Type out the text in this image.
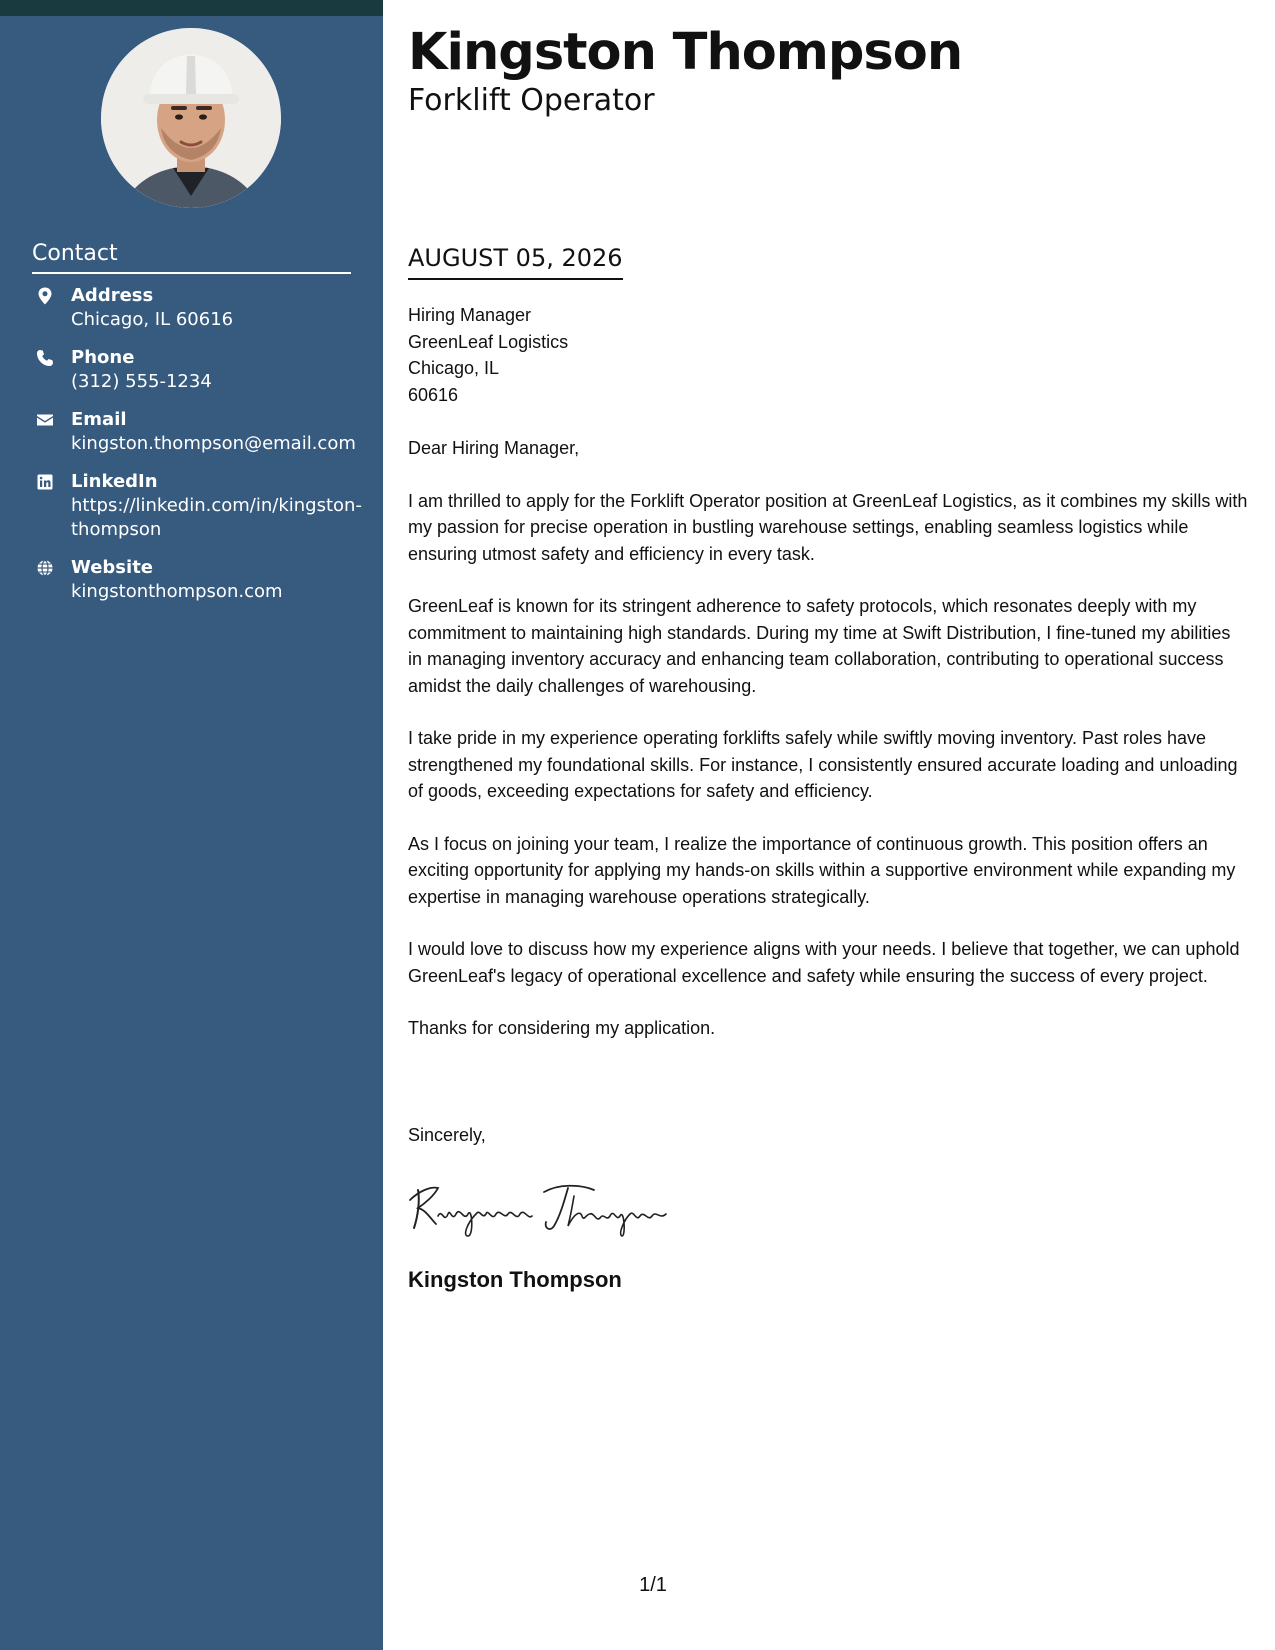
Contact
Address
Chicago, IL 60616
Phone
(312) 555-1234
Email
kingston.thompson@email.com
LinkedIn
https://linkedin.com/in/kingston-thompson
Website
kingstonthompson.com
Kingston Thompson
Forklift Operator
AUGUST 05, 2026
Hiring Manager
GreenLeaf Logistics
Chicago, IL
60616

Dear Hiring Manager,

I am thrilled to apply for the Forklift Operator position at GreenLeaf Logistics, as it combines my skills with my passion for precise operation in bustling warehouse settings, enabling seamless logistics while ensuring utmost safety and efficiency in every task.

GreenLeaf is known for its stringent adherence to safety protocols, which resonates deeply with my commitment to maintaining high standards. During my time at Swift Distribution, I fine-tuned my abilities in managing inventory accuracy and enhancing team collaboration, contributing to operational success amidst the daily challenges of warehousing.

I take pride in my experience operating forklifts safely while swiftly moving inventory. Past roles have strengthened my foundational skills. For instance, I consistently ensured accurate loading and unloading of goods, exceeding expectations for safety and efficiency.

As I focus on joining your team, I realize the importance of continuous growth. This position offers an exciting opportunity for applying my hands-on skills within a supportive environment while expanding my expertise in managing warehouse operations strategically.

I would love to discuss how my experience aligns with your needs. I believe that together, we can uphold GreenLeaf's legacy of operational excellence and safety while ensuring the success of every project.

Thanks for considering my application.

Sincerely,
Kingston Thompson
1/1
